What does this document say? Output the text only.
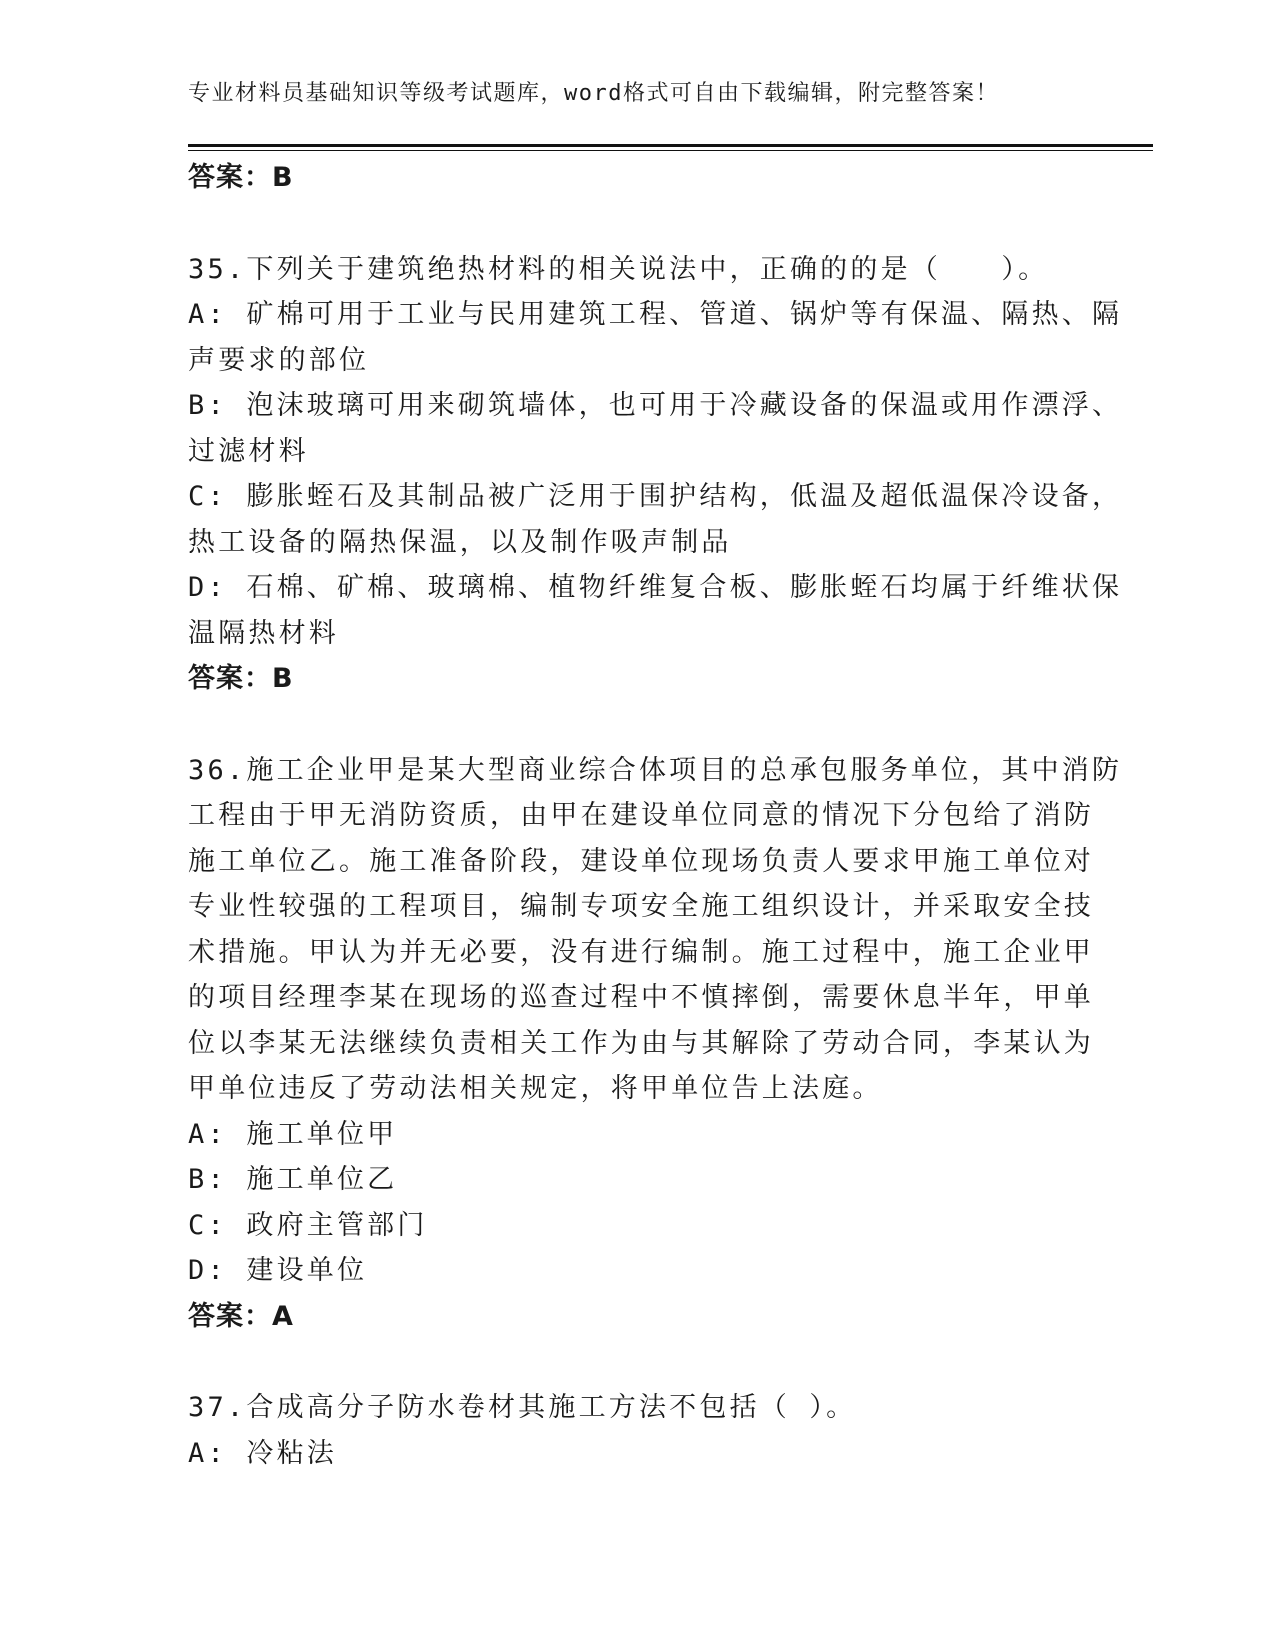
专业材料员基础知识等级考试题库，word格式可自由下载编辑，附完整答案！
答案：B
35.下列关于建筑绝热材料的相关说法中，正确的的是（　　）。
A: 矿棉可用于工业与民用建筑工程、管道、锅炉等有保温、隔热、隔
声要求的部位
B: 泡沫玻璃可用来砌筑墙体，也可用于冷藏设备的保温或用作漂浮、
过滤材料
C: 膨胀蛭石及其制品被广泛用于围护结构，低温及超低温保冷设备，
热工设备的隔热保温，以及制作吸声制品
D: 石棉、矿棉、玻璃棉、植物纤维复合板、膨胀蛭石均属于纤维状保
温隔热材料
答案：B
36.施工企业甲是某大型商业综合体项目的总承包服务单位，其中消防
工程由于甲无消防资质，由甲在建设单位同意的情况下分包给了消防
施工单位乙。施工准备阶段，建设单位现场负责人要求甲施工单位对
专业性较强的工程项目，编制专项安全施工组织设计，并采取安全技
术措施。甲认为并无必要，没有进行编制。施工过程中，施工企业甲
的项目经理李某在现场的巡查过程中不慎摔倒，需要休息半年，甲单
位以李某无法继续负责相关工作为由与其解除了劳动合同，李某认为
甲单位违反了劳动法相关规定，将甲单位告上法庭。
A: 施工单位甲
B: 施工单位乙
C: 政府主管部门
D: 建设单位
答案：A
37.合成高分子防水卷材其施工方法不包括（ ）。
A: 冷粘法
